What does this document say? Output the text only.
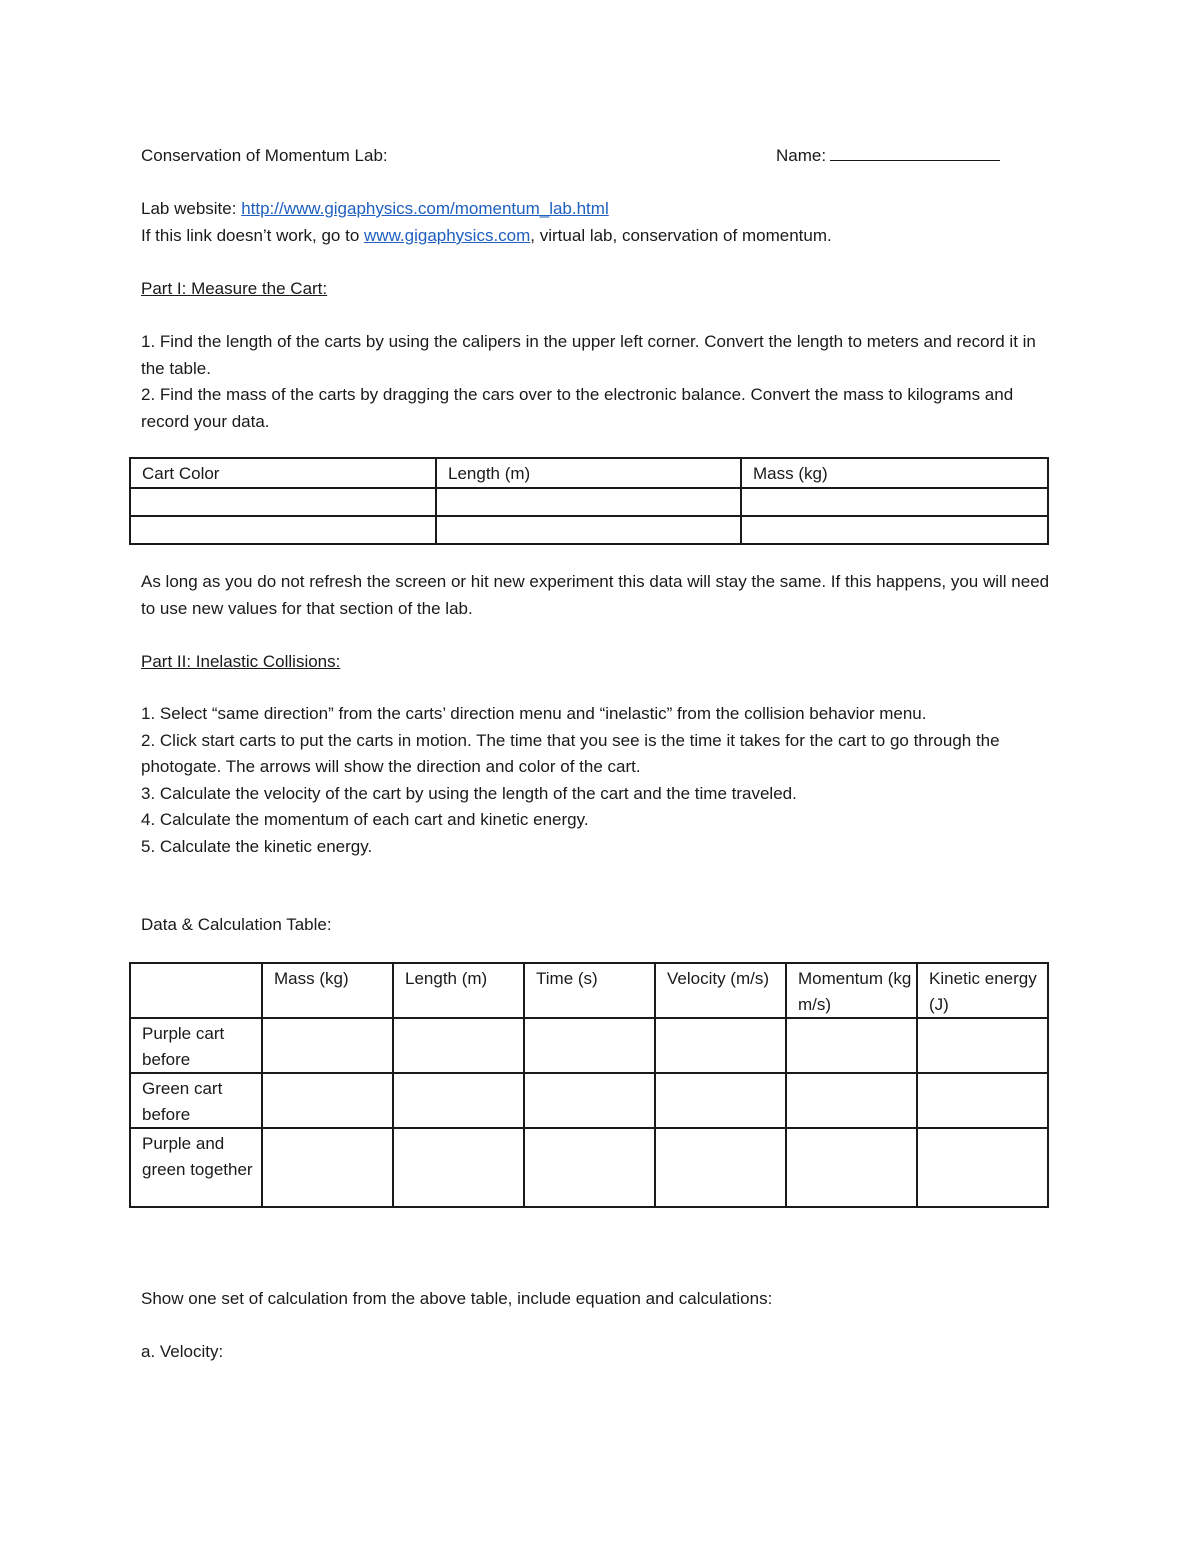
Conservation of Momentum Lab:	Name:
Lab website: http://www.gigaphysics.com/momentum_lab.html
If this link doesn’t work, go to www.gigaphysics.com, virtual lab, conservation of momentum.
Part I: Measure the Cart:

1. Find the length of the carts by using the calipers in the upper left corner. Convert the length to meters and record it in the table.

2. Find the mass of the carts by dragging the cars over to the electronic balance. Convert the mass to kilograms and record your data.

Cart Color	Length (m)	Mass (kg)

As long as you do not refresh the screen or hit new experiment this data will stay the same. If this happens, you will need to use new values for that section of the lab.
Part II: Inelastic Collisions:

1. Select “same direction” from the carts’ direction menu and “inelastic” from the collision behavior menu.

2. Click start carts to put the carts in motion. The time that you see is the time it takes for the cart to go through the photogate. The arrows will show the direction and color of the cart.

3. Calculate the velocity of the cart by using the length of the cart and the time traveled.

4. Calculate the momentum of each cart and kinetic energy.

5. Calculate the kinetic energy.

Data & Calculation Table:
	Mass (kg)	Length (m)	Time (s)	Velocity (m/s)	Momentum (kg m/s)	Kinetic energy (J)
Purple cart before						
Green cart before						
Purple and green together						
Show one set of calculation from the above table, include equation and calculations:
a. Velocity:
